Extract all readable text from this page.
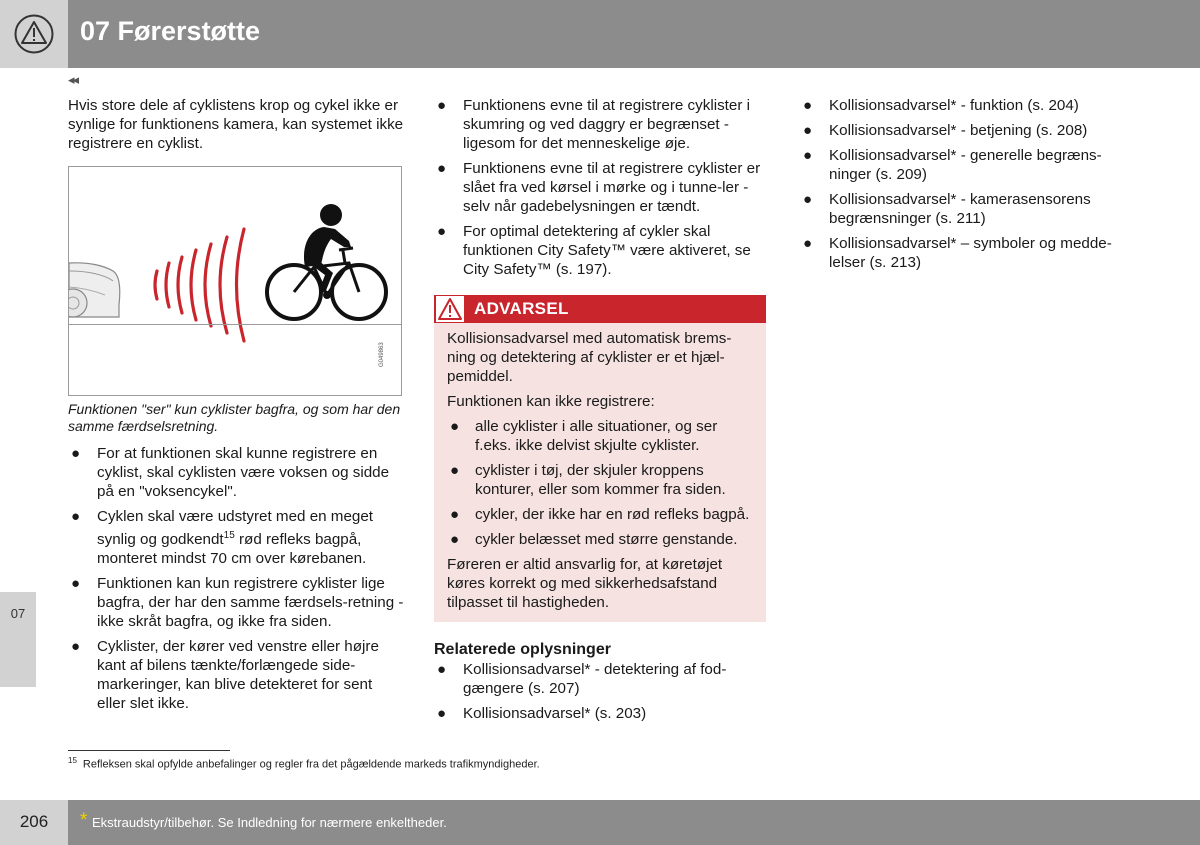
07 Førerstøtte
◂◂
07

Hvis store dele af cyklistens krop og cykel ikke er synlige for funktionens kamera, kan systemet ikke registrere en cyklist.

G049863

Funktionen "ser" kun cyklister bagfra, og som har den samme færdselsretning.

● For at funktionen skal kunne registrere en cyklist, skal cyklisten være voksen og sidde på en "voksencykel".
● Cyklen skal være udstyret med en meget synlig og godkendt$^{15}$ rød refleks bagpå, monteret mindst 70 cm over kørebanen.
● Funktionen kan kun registrere cyklister lige bagfra, der har den samme færdsels-retning - ikke skråt bagfra, og ikke fra siden.
● Cyklister, der kører ved venstre eller højre kant af bilens tænkte/forlængede side-markeringer, kan blive detekteret for sent eller slet ikke.
● Funktionens evne til at registrere cyklister i skumring og ved daggry er begrænset - ligesom for det menneskelige øje.
● Funktionens evne til at registrere cyklister er slået fra ved kørsel i mørke og i tunne-ler - selv når gadebelysningen er tændt.
● For optimal detektering af cykler skal funktionen City Safety™ være aktiveret, se City Safety™ (s. 197).
ADVARSEL

Kollisionsadvarsel med automatisk brems-ning og detektering af cyklister er et hjæl-pemiddel.

Funktionen kan ikke registrere:

● alle cyklister i alle situationer, og ser f.eks. ikke delvist skjulte cyklister.
● cyklister i tøj, der skjuler kroppens konturer, eller som kommer fra siden.
● cykler, der ikke har en rød refleks bagpå.
● cykler belæsset med større genstande.

Føreren er altid ansvarlig for, at køretøjet køres korrekt og med sikkerhedsafstand tilpasset til hastigheden.

Relaterede oplysninger
● Kollisionsadvarsel* - detektering af fod-gængere (s. 207)
● Kollisionsadvarsel* (s. 203)
● Kollisionsadvarsel* - funktion (s. 204)
● Kollisionsadvarsel* - betjening (s. 208)
● Kollisionsadvarsel* - generelle begræns-ninger (s. 209)
● Kollisionsadvarsel* - kamerasensorens begrænsninger (s. 211)
● Kollisionsadvarsel* – symboler og medde-lelser (s. 213)
$^{15}$ Refleksen skal opfylde anbefalinger og regler fra det pågældende markeds trafikmyndigheder.
206	* Ekstraudstyr/tilbehør. Se Indledning for nærmere enkeltheder.
